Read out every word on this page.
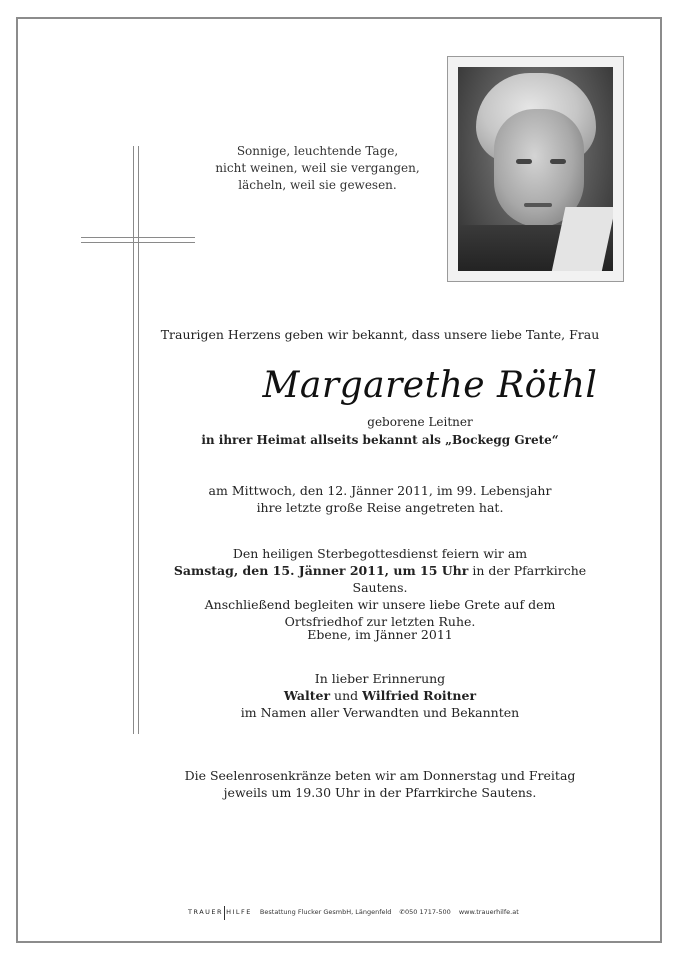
Sonnige, leuchtende Tage,
nicht weinen, weil sie vergangen,
lächeln, weil sie gewesen.
Traurigen Herzens geben wir bekannt, dass unsere liebe Tante, Frau
Margarethe Röthl
geborene Leitner
in ihrer Heimat allseits bekannt als „Bockegg Grete“
am Mittwoch, den 12. Jänner 2011, im 99. Lebensjahr
ihre letzte große Reise angetreten hat.
Den heiligen Sterbegottesdienst feiern wir am
Samstag, den 15. Jänner 2011, um 15 Uhr in der Pfarrkirche Sautens.
Anschließend begleiten wir unsere liebe Grete auf dem
Ortsfriedhof zur letzten Ruhe.
Ebene, im Jänner 2011
In lieber Erinnerung
Walter und Wilfried Roitner
im Namen aller Verwandten und Bekannten
Die Seelenrosenkränze beten wir am Donnerstag und Freitag
jeweils um 19.30 Uhr in der Pfarrkirche Sautens.
TRAUER HILFE Bestattung Flucker GesmbH, Längenfeld ✆050 1717-500 www.trauerhilfe.at
